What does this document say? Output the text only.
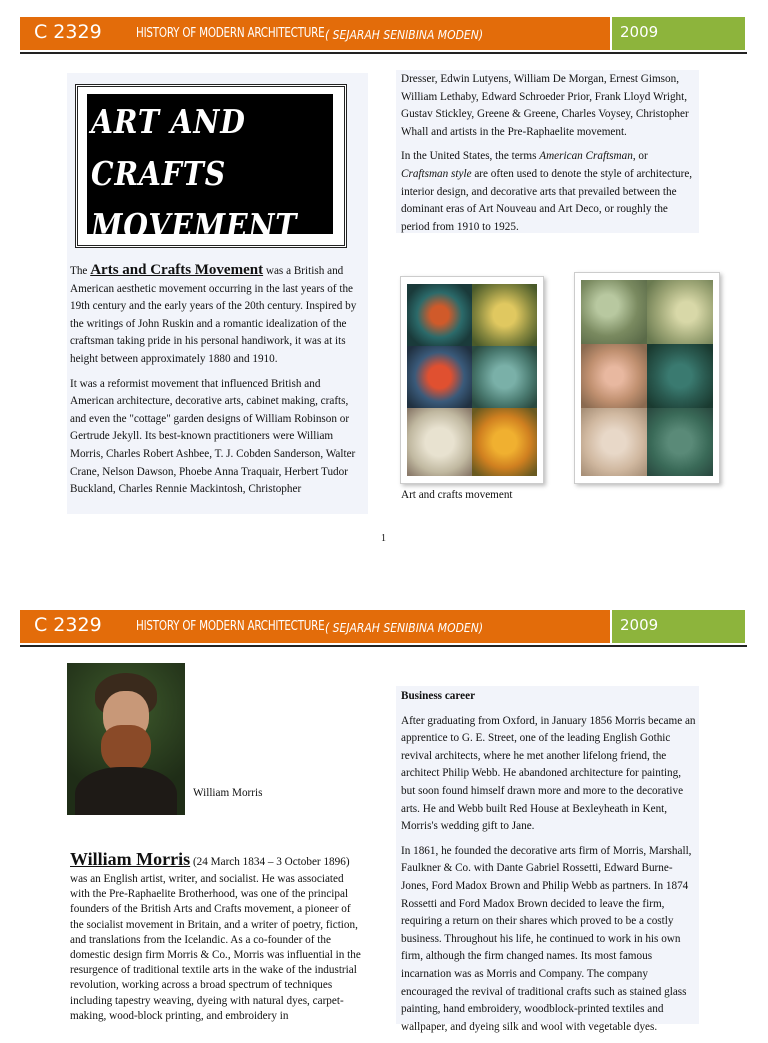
C 2329	HISTORY OF MODERN ARCHITECTURE ( SEJARAH SENIBINA MODEN)	2009
ART AND
CRAFTS
MOVEMENT

The Arts and Crafts Movement was a British and American aesthetic movement occurring in the last years of the 19th century and the early years of the 20th century. Inspired by the writings of John Ruskin and a romantic idealization of the craftsman taking pride in his personal handiwork, it was at its height between approximately 1880 and 1910.

It was a reformist movement that influenced British and American architecture, decorative arts, cabinet making, crafts, and even the "cottage" garden designs of William Robinson or Gertrude Jekyll. Its best-known practitioners were William Morris, Charles Robert Ashbee, T. J. Cobden Sanderson, Walter Crane, Nelson Dawson, Phoebe Anna Traquair, Herbert Tudor Buckland, Charles Rennie Mackintosh, Christopher

Dresser, Edwin Lutyens, William De Morgan, Ernest Gimson, William Lethaby, Edward Schroeder Prior, Frank Lloyd Wright, Gustav Stickley, Greene & Greene, Charles Voysey, Christopher Whall and artists in the Pre-Raphaelite movement.

In the United States, the terms American Craftsman, or Craftsman style are often used to denote the style of architecture, interior design, and decorative arts that prevailed between the dominant eras of Art Nouveau and Art Deco, or roughly the period from 1910 to 1925.

Art and crafts movement
1
C 2329	HISTORY OF MODERN ARCHITECTURE ( SEJARAH SENIBINA MODEN)	2009
William Morris
William Morris (24 March 1834 – 3 October 1896)

was an English artist, writer, and socialist. He was associated with the Pre-Raphaelite Brotherhood, was one of the principal founders of the British Arts and Crafts movement, a pioneer of the socialist movement in Britain, and a writer of poetry, fiction, and translations from the Icelandic. As a co-founder of the domestic design firm Morris & Co., Morris was influential in the resurgence of traditional textile arts in the wake of the industrial revolution, working across a broad spectrum of techniques including tapestry weaving, dyeing with natural dyes, carpet-making, wood-block printing, and embroidery in

Business career

After graduating from Oxford, in January 1856 Morris became an apprentice to G. E. Street, one of the leading English Gothic revival architects, where he met another lifelong friend, the architect Philip Webb. He abandoned architecture for painting, but soon found himself drawn more and more to the decorative arts. He and Webb built Red House at Bexleyheath in Kent, Morris's wedding gift to Jane.

In 1861, he founded the decorative arts firm of Morris, Marshall, Faulkner & Co. with Dante Gabriel Rossetti, Edward Burne-Jones, Ford Madox Brown and Philip Webb as partners. In 1874 Rossetti and Ford Madox Brown decided to leave the firm, requiring a return on their shares which proved to be a costly business. Throughout his life, he continued to work in his own firm, although the firm changed names. Its most famous incarnation was as Morris and Company. The company encouraged the revival of traditional crafts such as stained glass painting, hand embroidery, woodblock-printed textiles and wallpaper, and dyeing silk and wool with vegetable dyes.
